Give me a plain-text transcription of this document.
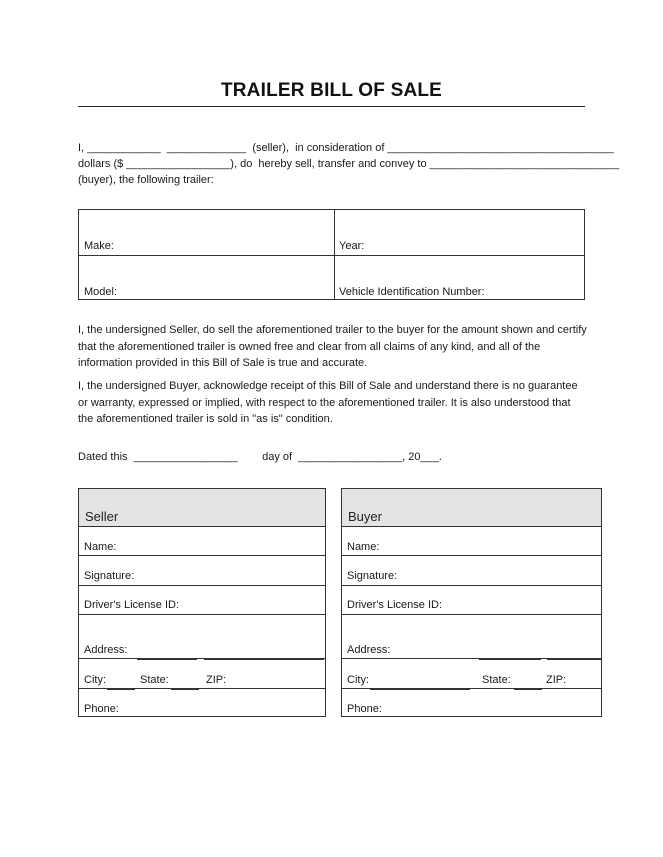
TRAILER BILL OF SALE
I, ____________  _____________  (seller),  in consideration of _____________________________________
dollars ($ _________________), do  hereby sell, transfer and convey to _______________________________
(buyer), the following trailer:
Make:	Year:
Model:	Vehicle Identification Number:
I, the undersigned Seller, do sell the aforementioned trailer to the buyer for the amount shown and certify that the aforementioned trailer is owned free and clear from all claims of any kind, and all of the information provided in this Bill of Sale is true and accurate.
I, the undersigned Buyer, acknowledge receipt of this Bill of Sale and understand there is no guarantee or warranty, expressed or implied, with respect to the aforementioned trailer. It is also understood that the aforementioned trailer is sold in "as is" condition.
Dated this  _________________        day of  _________________, 20___.
Seller
Name:
Signature:
Driver's License ID:
Address:
City:	State:	ZIP:
Phone:
Buyer
Name:
Signature:
Driver's License ID:
Address:
City:	State:	ZIP:
Phone:
